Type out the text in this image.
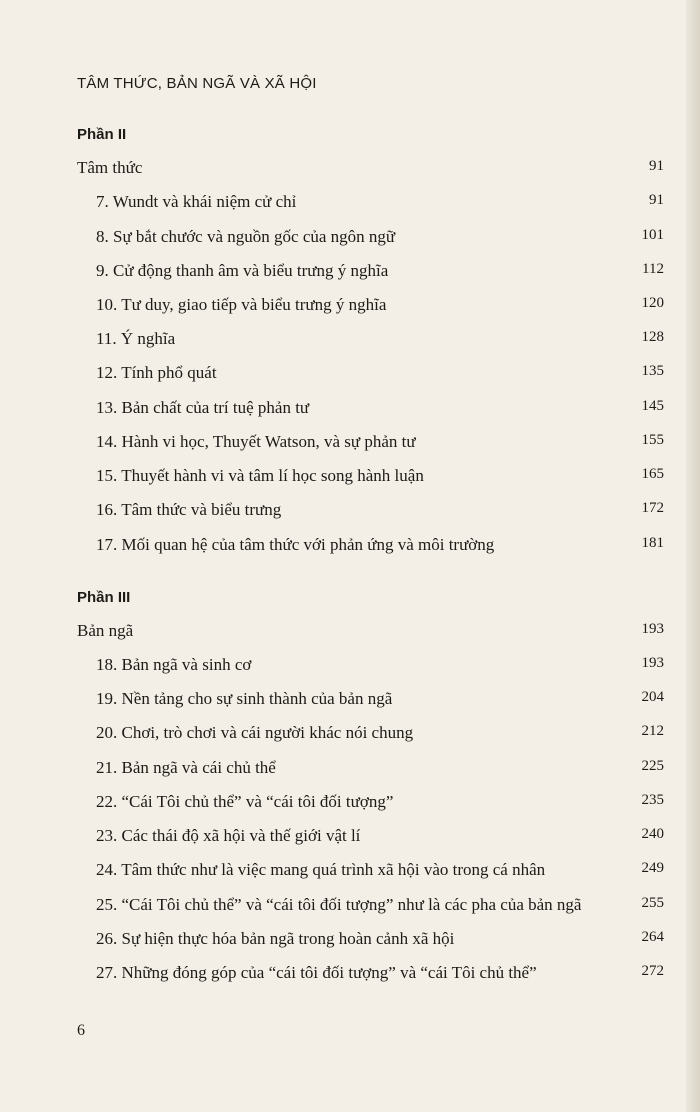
TÂM THỨC, BẢN NGÃ VÀ XÃ HỘI
Phần II
Tâm thức	91
7. Wundt và khái niệm cử chỉ	91
8. Sự bắt chước và nguồn gốc của ngôn ngữ	101
9. Cử động thanh âm và biểu trưng ý nghĩa	112
10. Tư duy, giao tiếp và biểu trưng ý nghĩa	120
11. Ý nghĩa	128
12. Tính phổ quát	135
13. Bản chất của trí tuệ phản tư	145
14. Hành vi học, Thuyết Watson, và sự phản tư	155
15. Thuyết hành vi và tâm lí học song hành luận	165
16. Tâm thức và biểu trưng	172
17. Mối quan hệ của tâm thức với phản ứng và môi trường	181
Phần III
Bản ngã	193
18. Bản ngã và sinh cơ	193
19. Nền tảng cho sự sinh thành của bản ngã	204
20. Chơi, trò chơi và cái người khác nói chung	212
21. Bản ngã và cái chủ thể	225
22. “Cái Tôi chủ thể” và “cái tôi đối tượng”	235
23. Các thái độ xã hội và thế giới vật lí	240
24. Tâm thức như là việc mang quá trình xã hội vào trong cá nhân	249
25. “Cái Tôi chủ thể” và “cái tôi đối tượng” như là các pha của bản ngã	255
26. Sự hiện thực hóa bản ngã trong hoàn cảnh xã hội	264
27. Những đóng góp của “cái tôi đối tượng” và “cái Tôi chủ thể”	272
6
